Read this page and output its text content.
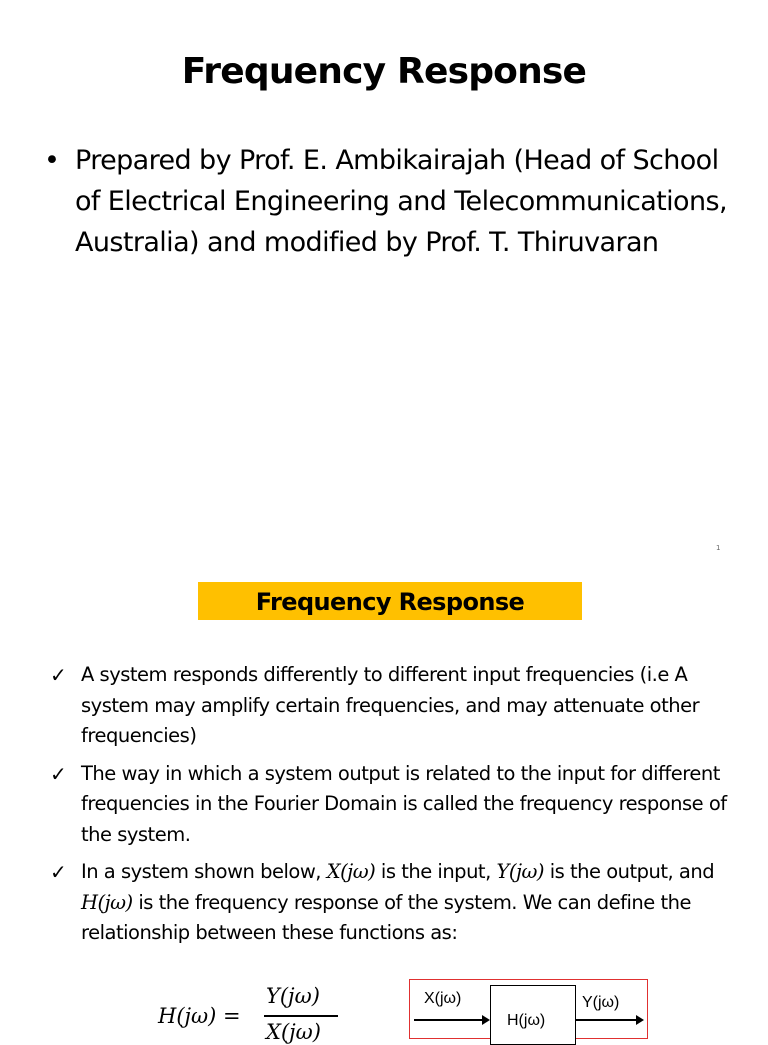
Frequency Response
• Prepared by Prof. E. Ambikairajah (Head of School of Electrical Engineering and Telecommunications, Australia) and modified by Prof. T. Thiruvaran
1
Frequency Response
✓ A system responds differently to different input frequencies (i.e A system may amplify certain frequencies, and may attenuate other frequencies)
✓ The way in which a system output is related to the input for different frequencies in the Fourier Domain is called the frequency response of the system.
✓ In a system shown below, X(jω) is the input, Y(jω) is the output, and H(jω) is the frequency response of the system. We can define the relationship between these functions as:
H(jω) =
Y(jω)
X(jω)
X(jω)
H(jω)
Y(jω)
